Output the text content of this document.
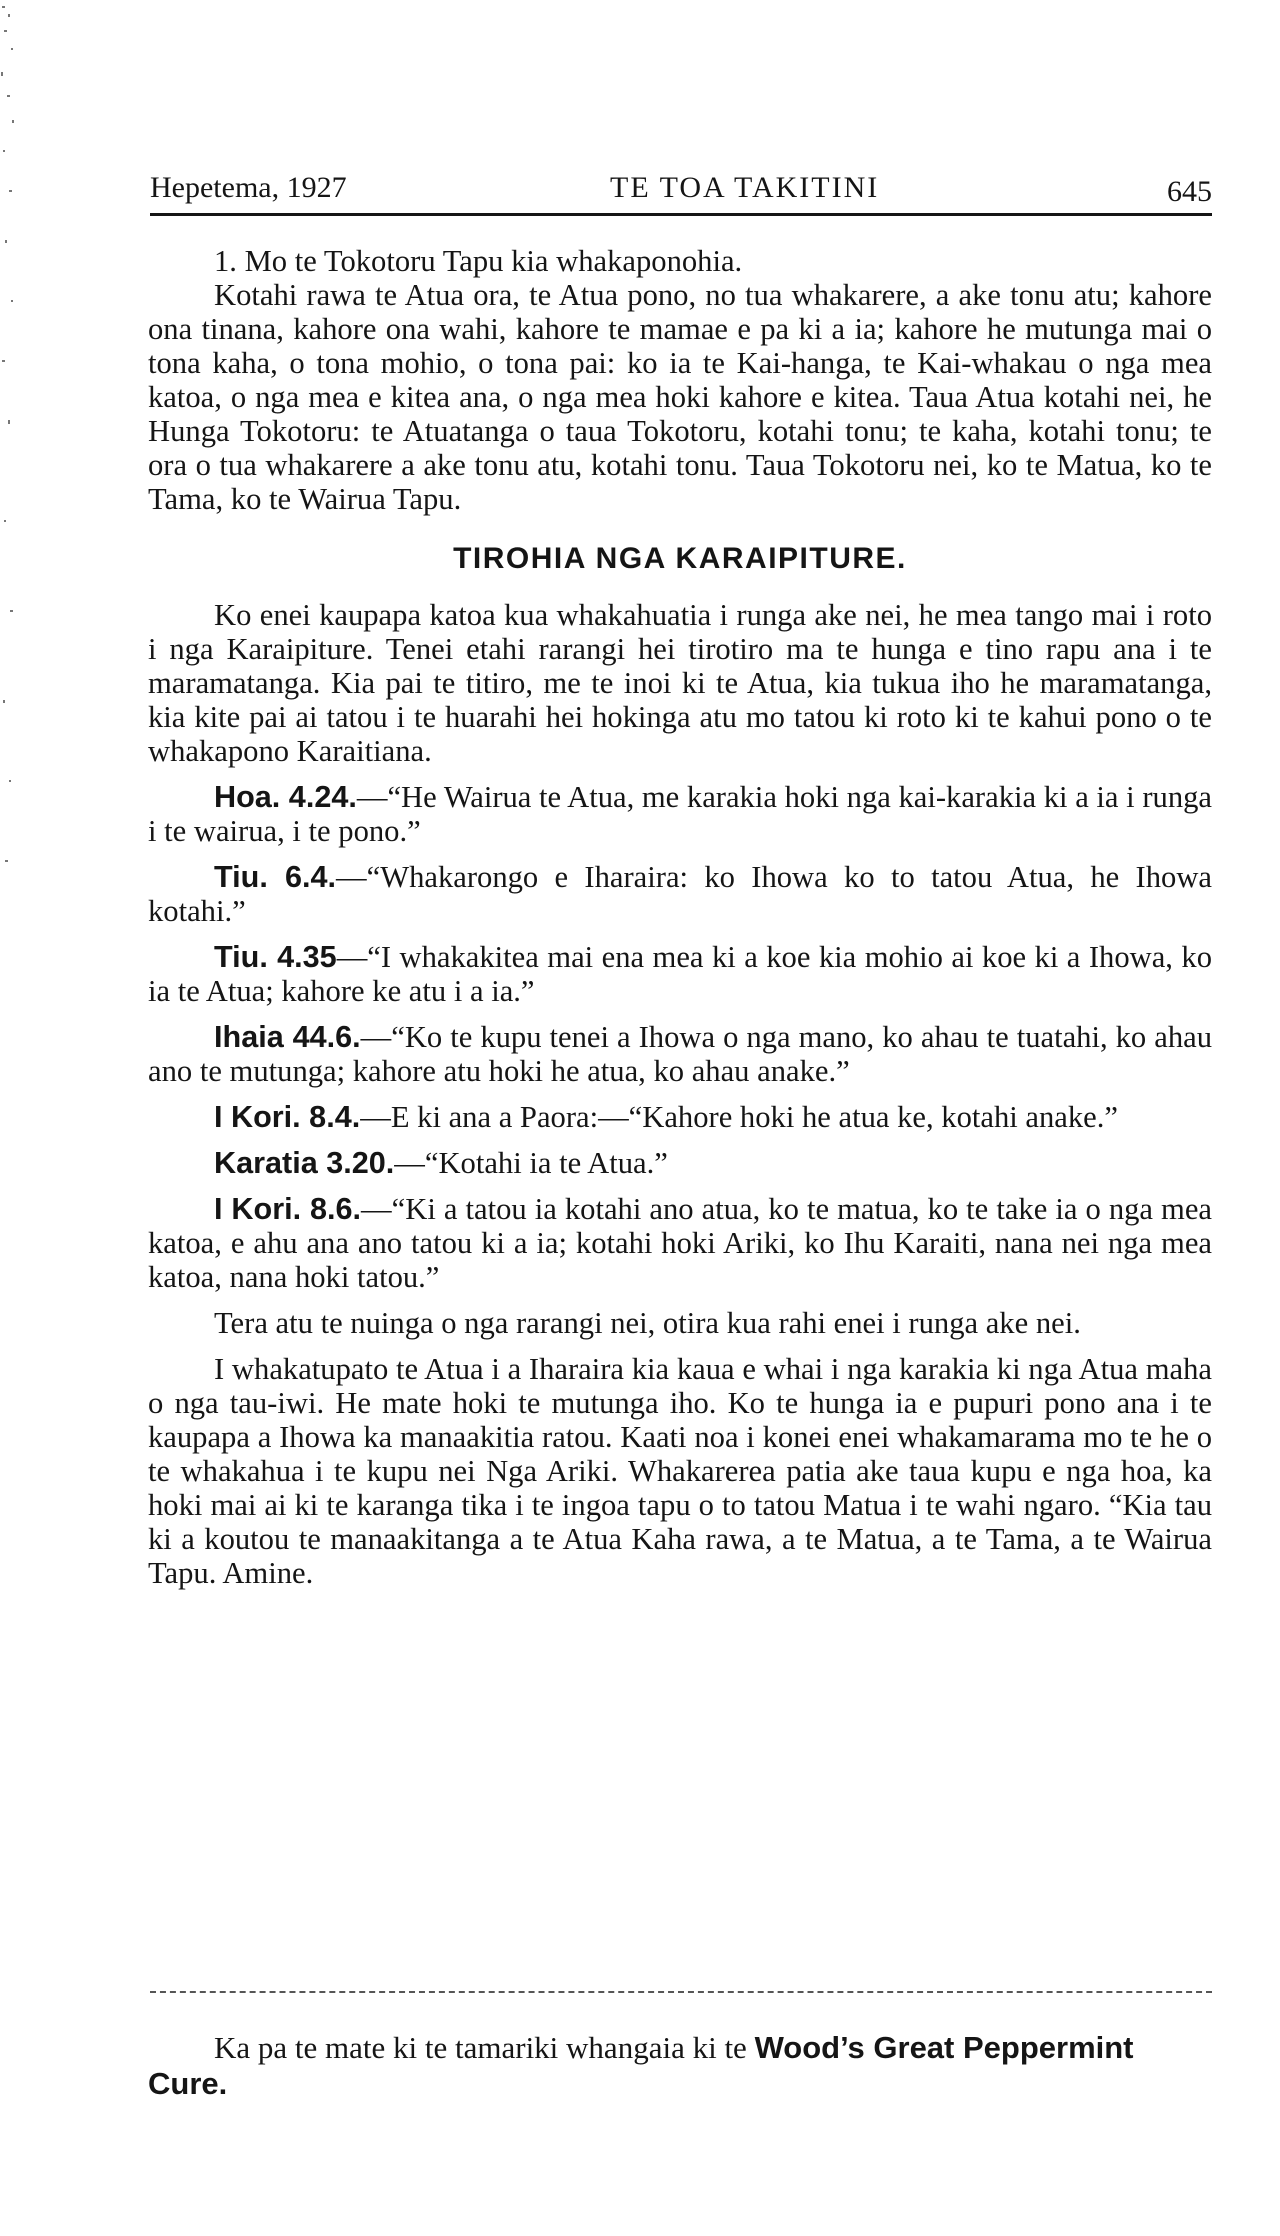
Hepetema, 1927	TE TOA TAKITINI	645

1. Mo te Tokotoru Tapu kia whakaponohia.

Kotahi rawa te Atua ora, te Atua pono, no tua whakarere, a ake tonu atu; kahore ona tinana, kahore ona wahi, kahore te mamae e pa ki a ia; kahore he mutunga mai o tona kaha, o tona mohio, o tona pai: ko ia te Kai-hanga, te Kai-whakau o nga mea katoa, o nga mea e kitea ana, o nga mea hoki kahore e kitea. Taua Atua kotahi nei, he Hunga Tokotoru: te Atuatanga o taua Tokotoru, kotahi tonu; te kaha, kotahi tonu; te ora o tua whakarere a ake tonu atu, kotahi tonu. Taua Tokotoru nei, ko te Matua, ko te Tama, ko te Wairua Tapu.

TIROHIA NGA KARAIPITURE.

Ko enei kaupapa katoa kua whakahuatia i runga ake nei, he mea tango mai i roto i nga Karaipiture. Tenei etahi rarangi hei tirotiro ma te hunga e tino rapu ana i te maramatanga. Kia pai te titiro, me te inoi ki te Atua, kia tukua iho he maramatanga, kia kite pai ai tatou i te huarahi hei hokinga atu mo tatou ki roto ki te kahui pono o te whakapono Karaitiana.

Hoa. 4.24.—“He Wairua te Atua, me karakia hoki nga kai-karakia ki a ia i runga i te wairua, i te pono.”

Tiu. 6.4.—“Whakarongo e Iharaira: ko Ihowa ko to tatou Atua, he Ihowa kotahi.”

Tiu. 4.35—“I whakakitea mai ena mea ki a koe kia mohio ai koe ki a Ihowa, ko ia te Atua; kahore ke atu i a ia.”

Ihaia 44.6.—“Ko te kupu tenei a Ihowa o nga mano, ko ahau te tuatahi, ko ahau ano te mutunga; kahore atu hoki he atua, ko ahau anake.”

I Kori. 8.4.—E ki ana a Paora:—“Kahore hoki he atua ke, kotahi anake.”

Karatia 3.20.—“Kotahi ia te Atua.”

I Kori. 8.6.—“Ki a tatou ia kotahi ano atua, ko te matua, ko te take ia o nga mea katoa, e ahu ana ano tatou ki a ia; kotahi hoki Ariki, ko Ihu Karaiti, nana nei nga mea katoa, nana hoki tatou.”

Tera atu te nuinga o nga rarangi nei, otira kua rahi enei i runga ake nei.

I whakatupato te Atua i a Iharaira kia kaua e whai i nga karakia ki nga Atua maha o nga tau-iwi. He mate hoki te mutunga iho. Ko te hunga ia e pupuri pono ana i te kaupapa a Ihowa ka manaakitia ratou. Kaati noa i konei enei whakamarama mo te he o te whakahua i te kupu nei Nga Ariki. Whakarerea patia ake taua kupu e nga hoa, ka hoki mai ai ki te karanga tika i te ingoa tapu o to tatou Matua i te wahi ngaro. “Kia tau ki a koutou te manaakitanga a te Atua Kaha rawa, a te Matua, a te Tama, a te Wairua Tapu. Amine.

Ka pa te mate ki te tamariki whangaia ki te Wood’s Great Peppermint Cure.
